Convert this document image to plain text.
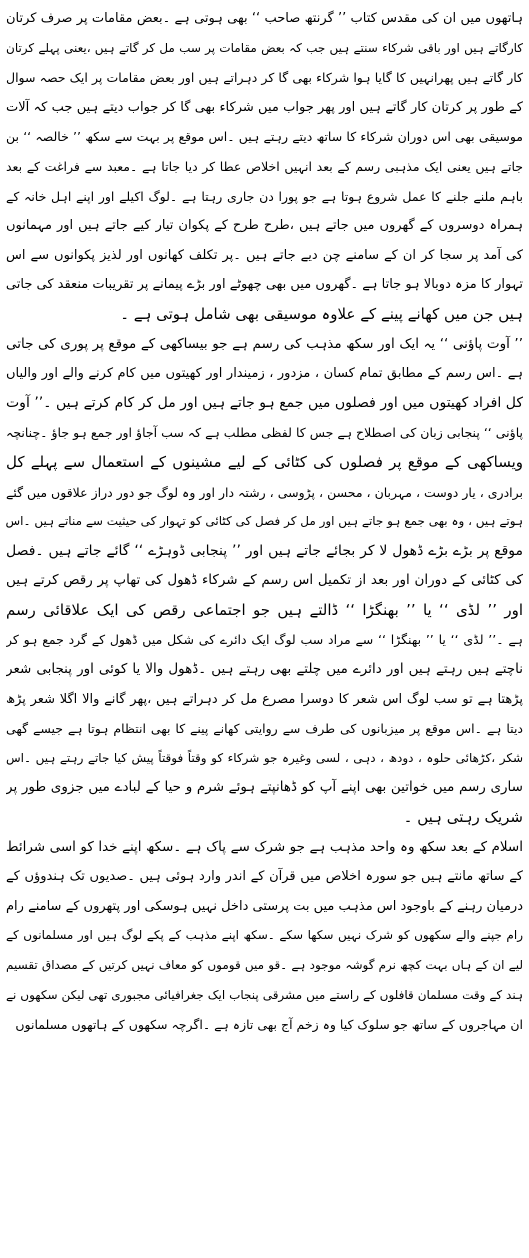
ہاتھوں میں ان کی مقدس کتاب ’’ گرنتھ صاحب ‘‘ بھی ہوتی ہے ۔بعض مقامات پر صرف کرتان
کارگاتے ہیں اور باقی شرکاء سنتے ہیں جب کہ بعض مقامات پر سب مل کر گاتے ہیں ،یعنی پہلے کرتان
کار گاتے ہیں پھرانہیں کا گایا ہوا شرکاء بھی گا کر دہراتے ہیں اور بعض مقامات پر ایک حصہ سوال
کے طور پر کرتان کار گاتے ہیں اور پھر جواب میں شرکاء بھی گا کر جواب دیتے ہیں جب کہ آلات
موسیقی بھی اس دوران شرکاء کا ساتھ دیتے رہتے ہیں ۔اس موقع پر بہت سے سکھ ’’ خالصہ ‘‘ بن
جاتے ہیں یعنی ایک مذہبی رسم کے بعد انہیں اخلاص عطا کر دیا جاتا ہے ۔معبد سے فراغت کے بعد
باہم ملنے جلنے کا عمل شروع ہوتا ہے جو پورا دن جاری رہتا ہے ۔لوگ اکیلے اور اپنے اہل خانہ کے
ہمراہ دوسروں کے گھروں میں جاتے ہیں ،طرح طرح کے پکوان تیار کیے جاتے ہیں اور مہمانوں
کی آمد پر سجا کر ان کے سامنے چن دیے جاتے ہیں ۔پر تکلف کھانوں اور لذیز پکوانوں سے اس
تہوار کا مزہ دوبالا ہو جاتا ہے ۔گھروں میں بھی چھوٹے اور بڑے پیمانے پر تقریبات منعقد کی جاتی
ہیں جن میں کھانے پینے کے علاوہ موسیقی بھی شامل ہوتی ہے ۔
’’ آوت پاؤنی ‘‘ یہ ایک اور سکھ مذہب کی رسم ہے جو بیساکھی کے موقع پر پوری کی جاتی
ہے ۔اس رسم کے مطابق تمام کسان ، مزدور ، زمیندار اور کھیتوں میں کام کرنے والے اور والیاں
کل افراد کھیتوں میں اور فصلوں میں جمع ہو جاتے ہیں اور مل کر کام کرتے ہیں ۔’’ آوت
پاؤنی ‘‘ پنجابی زبان کی اصطلاح ہے جس کا لفظی مطلب ہے کہ سب آجاؤ اور جمع ہو جاؤ ۔چنانچہ
ویساکھی کے موقع پر فصلوں کی کٹائی کے لیے مشینوں کے استعمال سے پہلے کل
برادری ، یار دوست ، مہربان ، محسن ، پڑوسی ، رشتہ دار اور وہ لوگ جو دور دراز علاقوں میں گئے
ہوتے ہیں ، وہ بھی جمع ہو جاتے ہیں اور مل کر فصل کی کٹائی کو تہوار کی حیثیت سے مناتے ہیں ۔اس
موقع پر بڑے بڑے ڈھول لا کر بجائے جاتے ہیں اور ’’ پنجابی ڈوہڑے ‘‘ گائے جاتے ہیں ۔فصل
کی کٹائی کے دوران اور بعد از تکمیل اس رسم کے شرکاء ڈھول کی تھاپ پر رقص کرتے ہیں
اور ’’ لڈی ‘‘ یا ’’ بھنگڑا ‘‘ ڈالتے ہیں جو اجتماعی رقص کی ایک علاقائی رسم
ہے ۔’’ لڈی ‘‘ یا ’’ بھنگڑا ‘‘ سے مراد سب لوگ ایک دائرے کی شکل میں ڈھول کے گرد جمع ہو کر
ناچتے ہیں رہتے ہیں اور دائرے میں چلتے بھی رہتے ہیں ۔ڈھول والا یا کوئی اور پنجابی شعر
پڑھتا ہے تو سب لوگ اس شعر کا دوسرا مصرع مل کر دہراتے ہیں ،پھر گانے والا اگلا شعر پڑھ
دیتا ہے ۔اس موقع پر میزبانوں کی طرف سے روایتی کھانے پینے کا بھی انتظام ہوتا ہے جیسے گھی
شکر ،کڑھائی حلوہ ، دودھ ، دہی ، لسی وغیرہ جو شرکاء کو وقتاً فوقتاً پیش کیا جاتے رہتے ہیں ۔اس
ساری رسم میں خواتین بھی اپنے آپ کو ڈھانپتے ہوئے شرم و حیا کے لبادے میں جزوی طور پر
شریک رہتی ہیں ۔
اسلام کے بعد سکھ وہ واحد مذہب ہے جو شرک سے پاک ہے ۔سکھ اپنے خدا کو اسی شرائط
کے ساتھ مانتے ہیں جو سورہ اخلاص میں قرآن کے اندر وارد ہوئی ہیں ۔صدیوں تک ہندوؤں کے
درمیان رہنے کے باوجود اس مذہب میں بت پرستی داخل نہیں ہوسکی اور پتھروں کے سامنے رام
رام جپنے والے سکھوں کو شرک نہیں سکھا سکے ۔سکھ اپنے مذہب کے پکے لوگ ہیں اور مسلمانوں کے
لیے ان کے ہاں بہت کچھ نرم گوشہ موجود ہے ۔قو میں قوموں کو معاف نہیں کرتیں کے مصداق تقسیم
ہند کے وقت مسلمان قافلوں کے راستے میں مشرقی پنجاب ایک جغرافیائی مجبوری تھی لیکن سکھوں نے
ان مہاجروں کے ساتھ جو سلوک کیا وہ زخم آج بھی تازہ ہے ۔اگرچہ سکھوں کے ہاتھوں مسلمانوں
